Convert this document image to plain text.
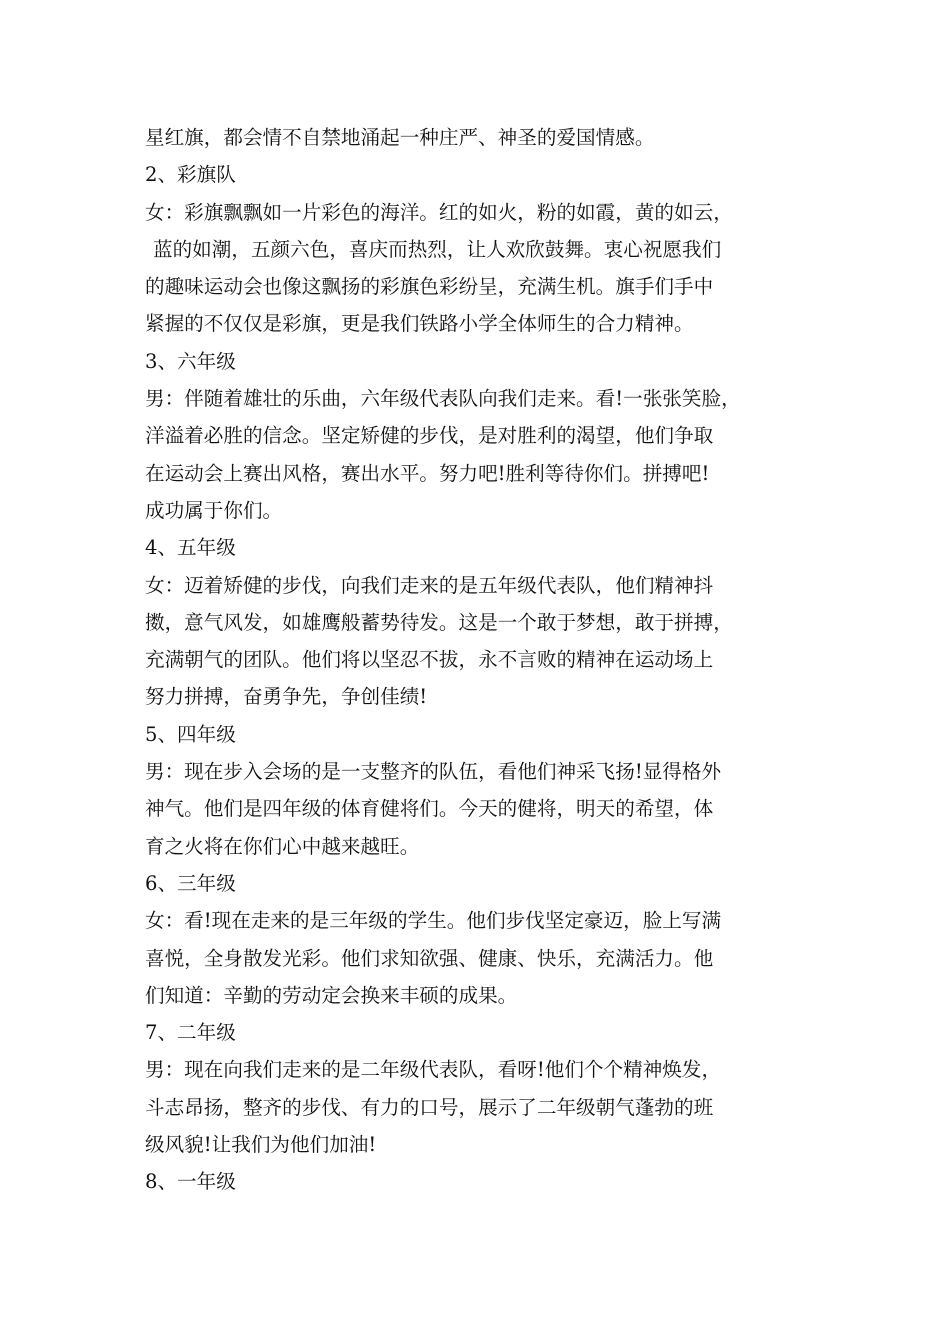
星红旗，都会情不自禁地涌起一种庄严、神圣的爱国情感。
2、彩旗队
女：彩旗飘飘如一片彩色的海洋。红的如火，粉的如霞，黄的如云，
蓝的如潮，五颜六色，喜庆而热烈，让人欢欣鼓舞。衷心祝愿我们
的趣味运动会也像这飘扬的彩旗色彩纷呈，充满生机。旗手们手中
紧握的不仅仅是彩旗，更是我们铁路小学全体师生的合力精神。
3、六年级
男：伴随着雄壮的乐曲，六年级代表队向我们走来。看!一张张笑脸，
洋溢着必胜的信念。坚定矫健的步伐，是对胜利的渴望，他们争取
在运动会上赛出风格，赛出水平。努力吧!胜利等待你们。拼搏吧!
成功属于你们。
4、五年级
女：迈着矫健的步伐，向我们走来的是五年级代表队，他们精神抖
擞，意气风发，如雄鹰般蓄势待发。这是一个敢于梦想，敢于拼搏，
充满朝气的团队。他们将以坚忍不拔，永不言败的精神在运动场上
努力拼搏，奋勇争先，争创佳绩!
5、四年级
男：现在步入会场的是一支整齐的队伍，看他们神采飞扬!显得格外
神气。他们是四年级的体育健将们。今天的健将，明天的希望，体
育之火将在你们心中越来越旺。
6、三年级
女：看!现在走来的是三年级的学生。他们步伐坚定豪迈，脸上写满
喜悦，全身散发光彩。他们求知欲强、健康、快乐，充满活力。他
们知道：辛勤的劳动定会换来丰硕的成果。
7、二年级
男：现在向我们走来的是二年级代表队，看呀!他们个个精神焕发，
斗志昂扬，整齐的步伐、有力的口号，展示了二年级朝气蓬勃的班
级风貌!让我们为他们加油!
8、一年级
